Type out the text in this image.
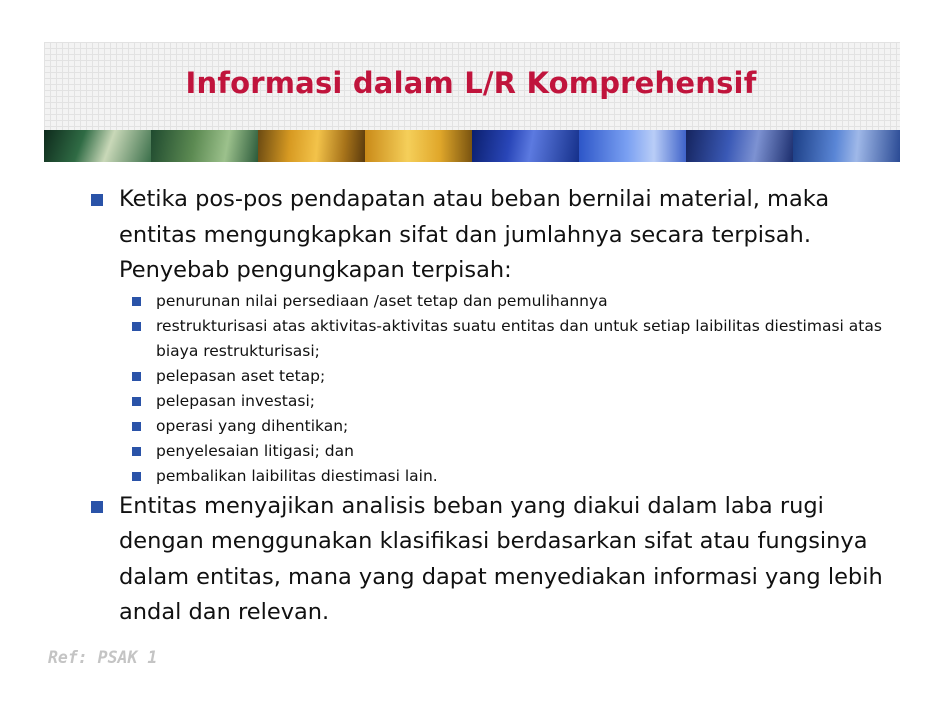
Informasi dalam L/R Komprehensif
Ketika pos-pos pendapatan atau beban bernilai material, maka entitas mengungkapkan sifat dan jumlahnya secara terpisah. Penyebab pengungkapan terpisah:
penurunan nilai persediaan /aset tetap dan pemulihannya
restrukturisasi atas aktivitas-aktivitas suatu entitas dan untuk setiap laibilitas diestimasi atas biaya restrukturisasi;
pelepasan aset tetap;
pelepasan investasi;
operasi yang dihentikan;
penyelesaian litigasi; dan
pembalikan laibilitas diestimasi lain.
Entitas menyajikan analisis beban yang diakui dalam laba rugi dengan menggunakan klasifikasi berdasarkan sifat atau fungsinya dalam entitas, mana yang dapat menyediakan informasi yang lebih andal dan relevan.
Ref: PSAK 1
